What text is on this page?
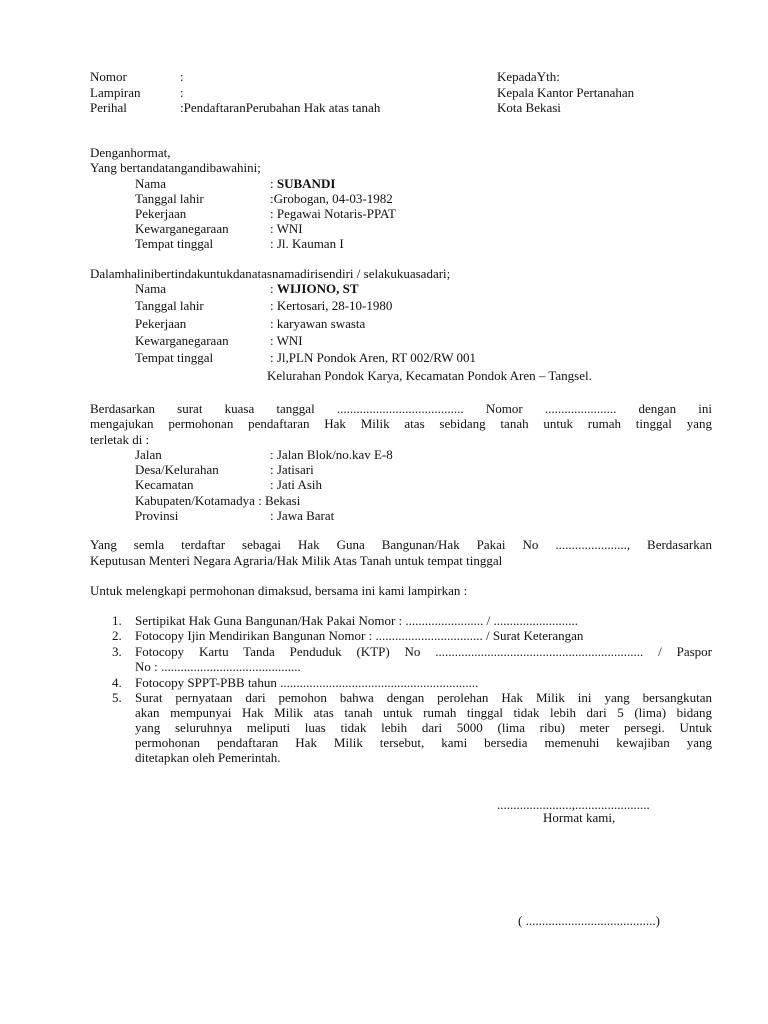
Nomor	:
Lampiran	:
Perihal	:PendaftaranPerubahan Hak atas tanah
KepadaYth:
Kepala Kantor Pertanahan
Kota Bekasi
Denganhormat,
Yang bertandatangandibawahini;
Nama	: SUBANDI
Tanggal lahir	:Grobogan, 04-03-1982
Pekerjaan	: Pegawai Notaris-PPAT
Kewarganegaraan	: WNI
Tempat tinggal	: Jl. Kauman I
Dalamhalinibertindakuntukdanatasnamadirisendiri / selakukuasadari;
Nama	: WIJIONO, ST
Tanggal lahir	: Kertosari, 28-10-1980
Pekerjaan	: karyawan swasta
Kewarganegaraan	: WNI
Tempat tinggal	: Jl,PLN Pondok Aren, RT 002/RW 001
Kelurahan Pondok Karya, Kecamatan Pondok Aren – Tangsel.
Berdasarkan surat kuasa tanggal ....................................... Nomor ...................... dengan ini
mengajukan permohonan pendaftaran Hak Milik atas sebidang tanah untuk rumah tinggal yang
terletak di :
Jalan	: Jalan Blok/no.kav E-8
Desa/Kelurahan	: Jatisari
Kecamatan	: Jati Asih
Kabupaten/Kotamadya : Bekasi
Provinsi	: Jawa Barat
Yang semla terdaftar sebagai Hak Guna Bangunan/Hak Pakai No ......................, Berdasarkan
Keputusan Menteri Negara Agraria/Hak Milik Atas Tanah untuk tempat tinggal
Untuk melengkapi permohonan dimaksud, bersama ini kami lampirkan :
1. Sertipikat Hak Guna Bangunan/Hak Pakai Nomor : ........................ / ..........................
2. Fotocopy Ijin Mendirikan Bangunan Nomor : ................................. / Surat Keterangan
3. Fotocopy Kartu Tanda Penduduk (KTP) No ................................................................ / Paspor
No : ...........................................
4. Fotocopy SPPT-PBB tahun .............................................................
5. Surat pernyataan dari pemohon bahwa dengan perolehan Hak Milik ini yang bersangkutan
akan mempunyai Hak Milik atas tanah untuk rumah tinggal tidak lebih dari 5 (lima) bidang
yang seluruhnya meliputi luas tidak lebih dari 5000 (lima ribu) meter persegi. Untuk
permohonan pendaftaran Hak Milik tersebut, kami bersedia memenuhi kewajiban yang
ditetapkan oleh Pemerintah.
.......................,.......................
Hormat kami,
( ........................................)
